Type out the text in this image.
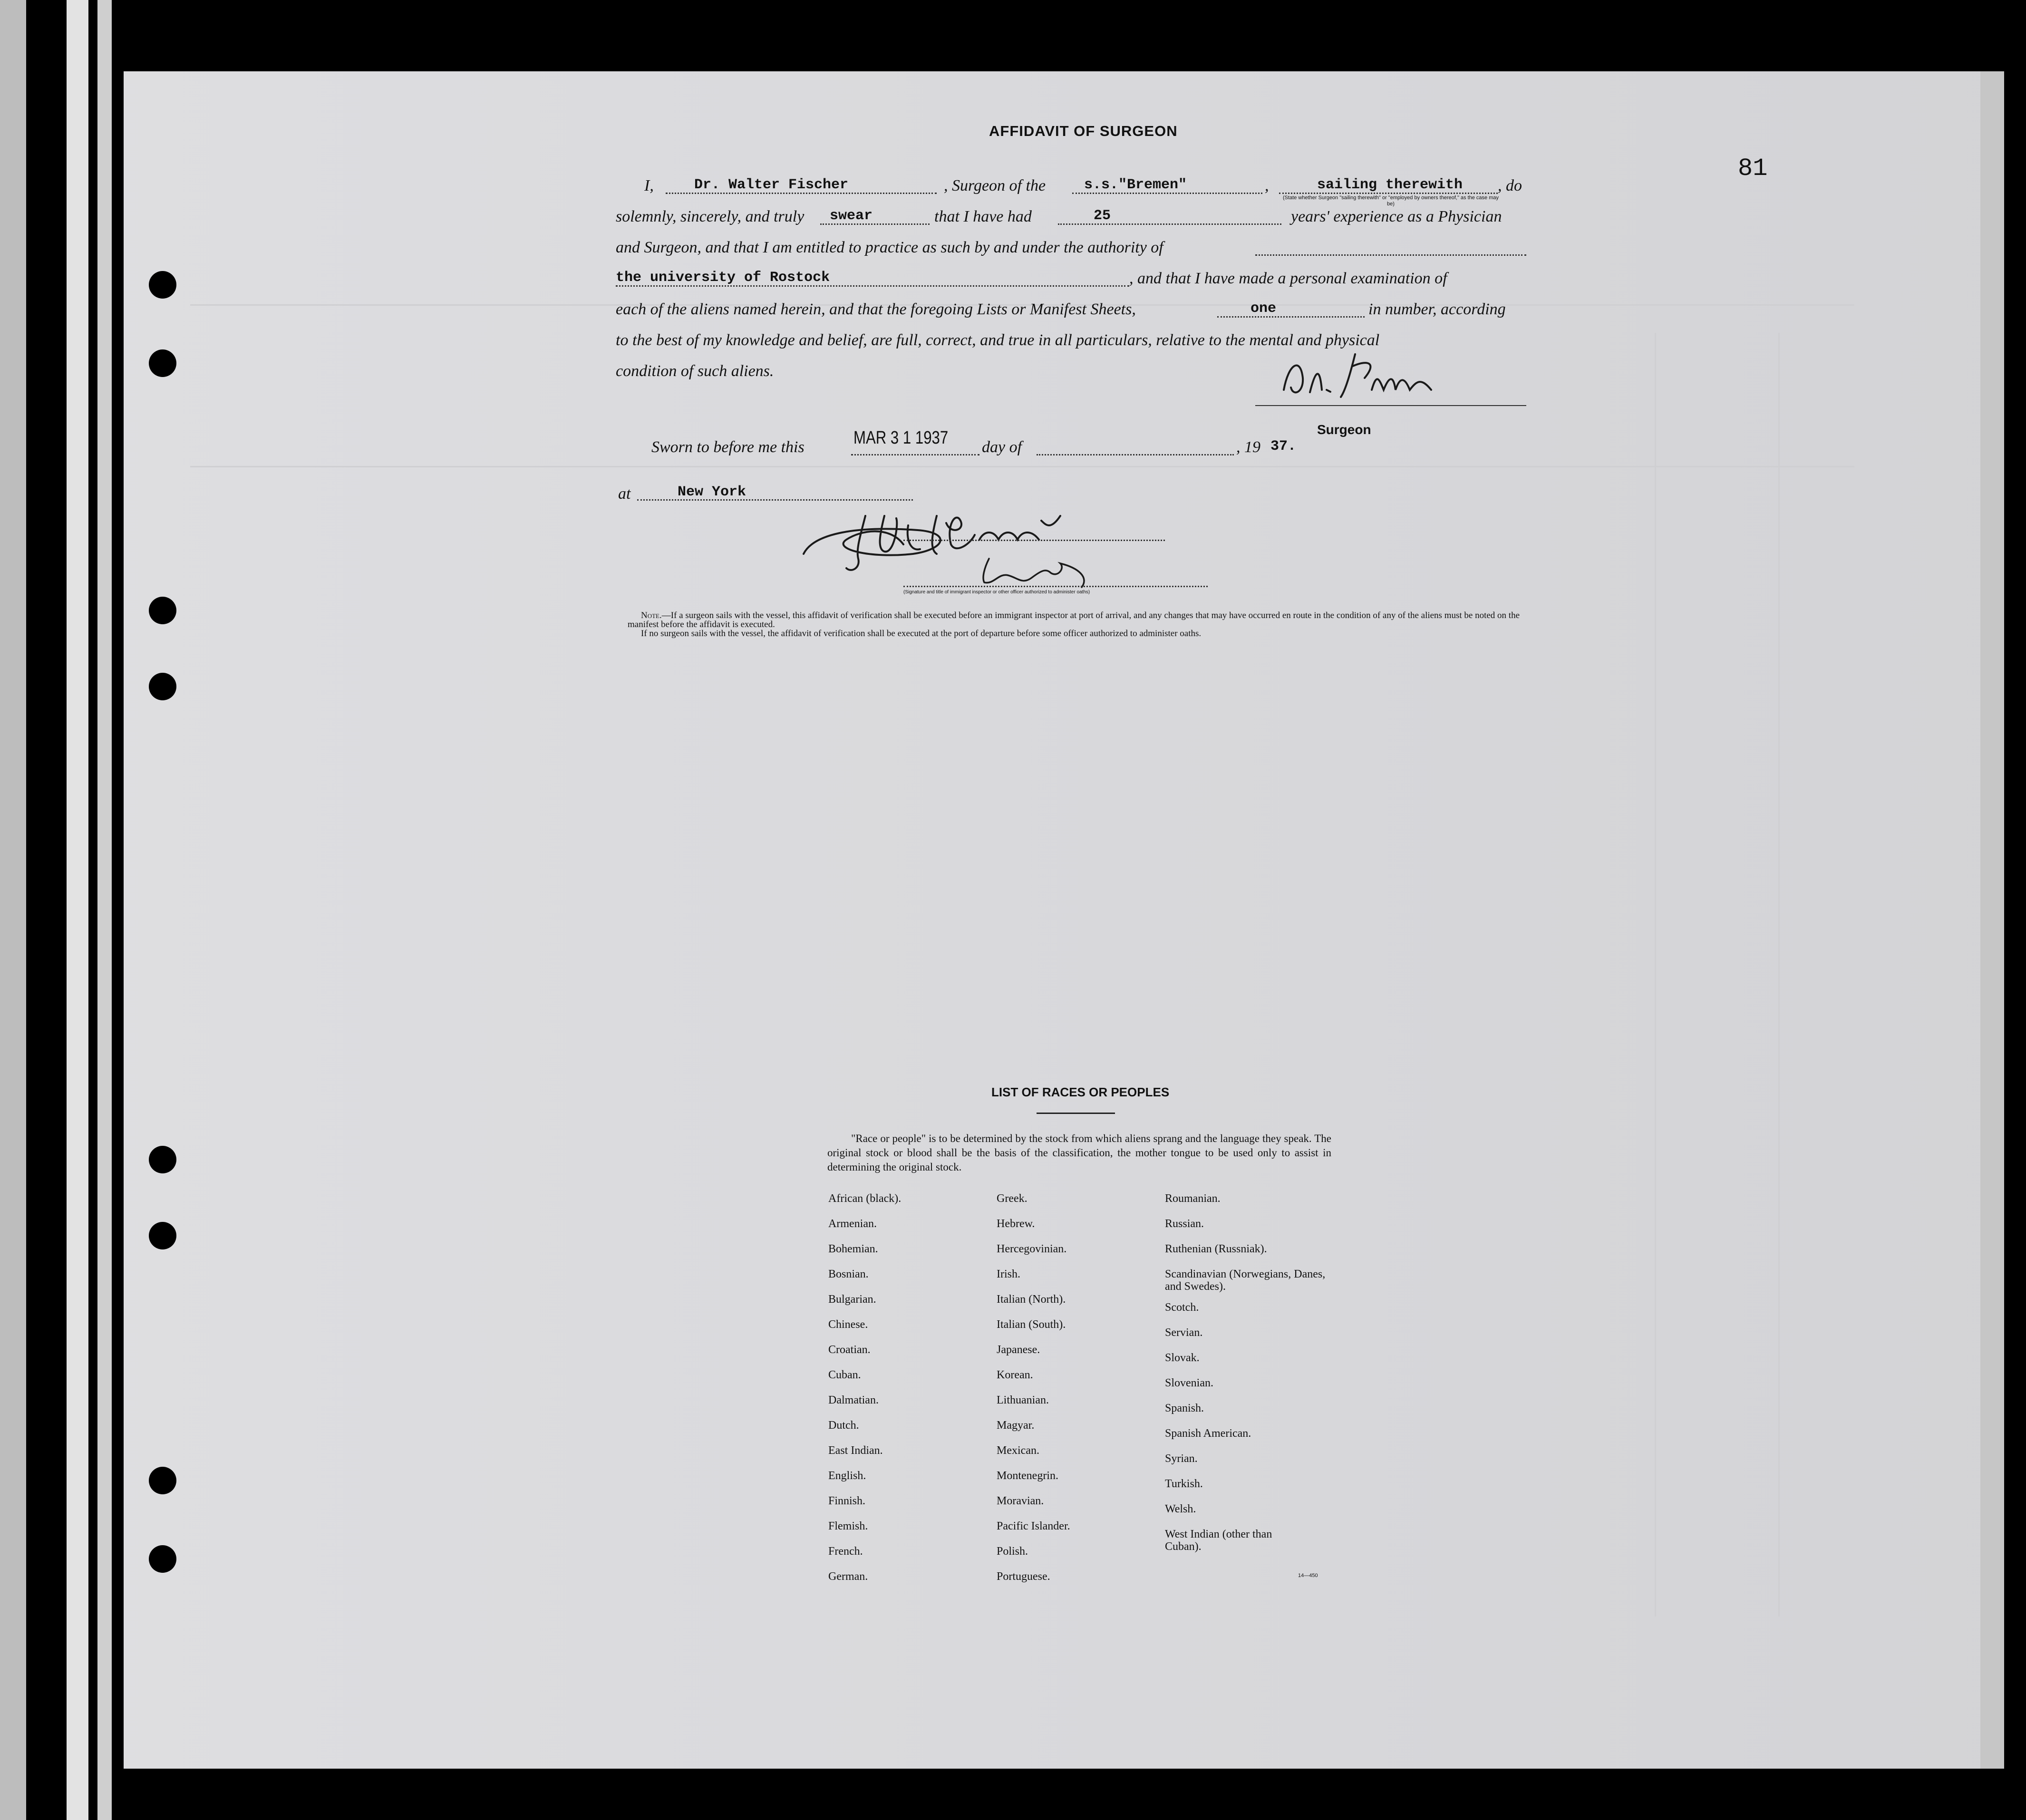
81
AFFIDAVIT OF SURGEON
I,	Dr. Walter Fischer	, Surgeon of the	s.s."Bremen"	,	sailing therewith , do
(State whether Surgeon "sailing therewith" or "employed by owners thereof," as the case may be)
solemnly, sincerely, and truly swear	that I have had	25	years' experience as a Physician
and Surgeon, and that I am entitled to practice as such by and under the authority of
the university of Rostock	, and that I have made a personal examination of
each of the aliens named herein, and that the foregoing Lists or Manifest Sheets,	one	in number, according
to the best of my knowledge and belief, are full, correct, and true in all particulars, relative to the mental and physical
condition of such aliens.
Surgeon
Sworn to before me this	MAR 3 1 1937 day of	, 19 37.
at	New York
(Signature and title of immigrant inspector or other officer authorized to administer oaths)

Note.—If a surgeon sails with the vessel, this affidavit of verification shall be executed before an immigrant inspector at port of arrival, and any changes that may have occurred en route in the condition of any of the aliens must be noted on the manifest before the affidavit is executed.

If no surgeon sails with the vessel, the affidavit of verification shall be executed at the port of departure before some officer authorized to administer oaths.

LIST OF RACES OR PEOPLES
"Race or people" is to be determined by the stock from which aliens sprang and the language they speak. The original stock or blood shall be the basis of the classification, the mother tongue to be used only to assist in determining the original stock.
African (black).
Armenian.
Bohemian.
Bosnian.
Bulgarian.
Chinese.
Croatian.
Cuban.
Dalmatian.
Dutch.
East Indian.
English.
Finnish.
Flemish.
French.
German.
Greek.
Hebrew.
Hercegovinian.
Irish.
Italian (North).
Italian (South).
Japanese.
Korean.
Lithuanian.
Magyar.
Mexican.
Montenegrin.
Moravian.
Pacific Islander.
Polish.
Portuguese.
Roumanian.
Russian.
Ruthenian (Russniak).
Scandinavian (Norwegians, Danes, and Swedes).
Scotch.
Servian.
Slovak.
Slovenian.
Spanish.
Spanish American.
Syrian.
Turkish.
Welsh.
West Indian (other than Cuban).
14—450
